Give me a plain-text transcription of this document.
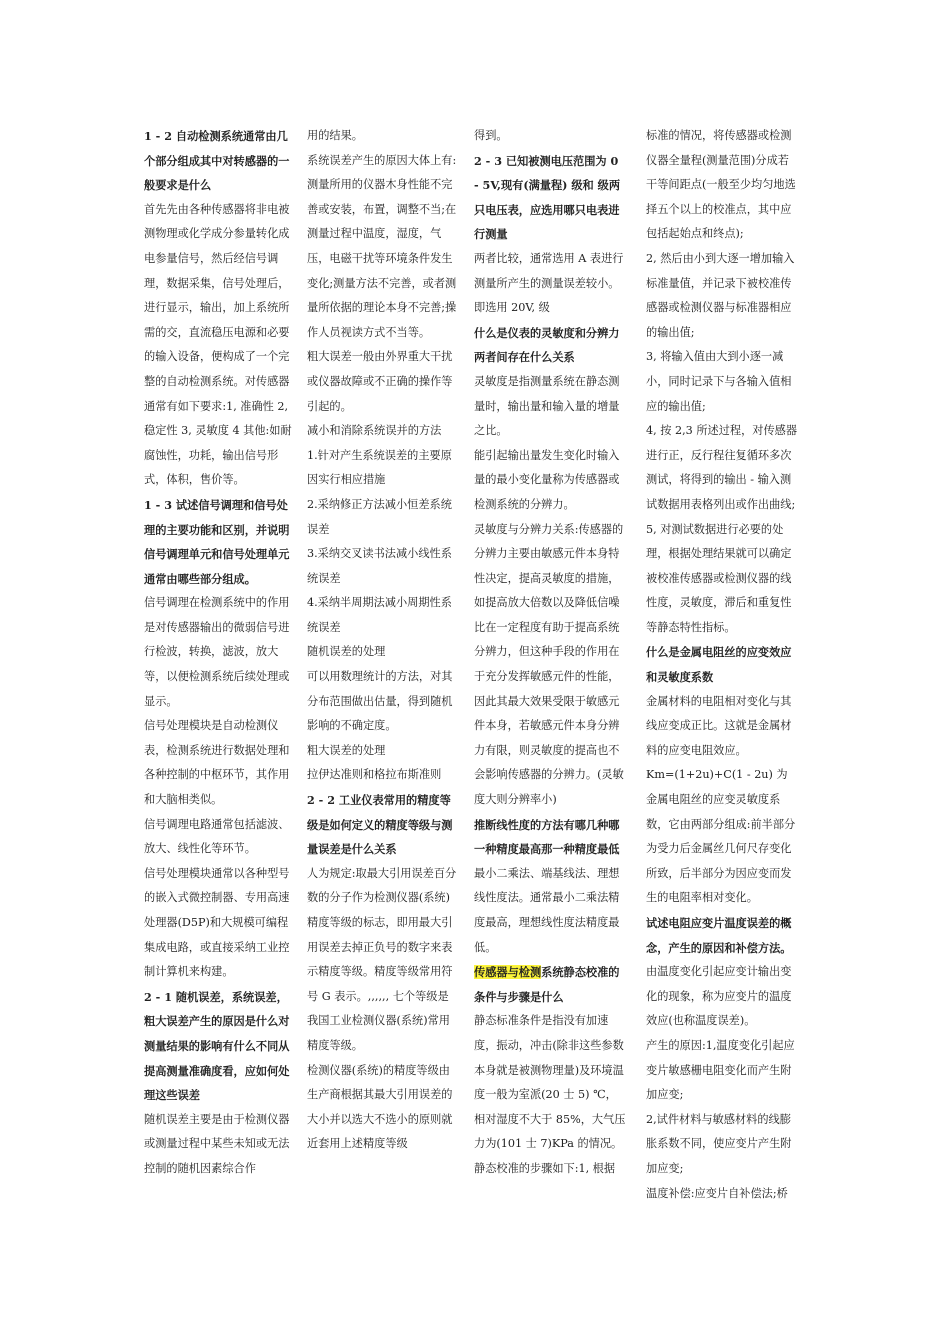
1 - 2 自动检测系统通常由几个部分组成其中对转感器的一般要求是什么

首先先由各种传感器将非电被测物理或化学成分参量转化成电参量信号，然后经信号调理，数据采集，信号处理后，进行显示，输出，加上系统所需的交，直流稳压电源和必要的输入设备，便构成了一个完整的自动检测系统。对传感器通常有如下要求:1, 准确性 2,稳定性 3, 灵敏度 4 其他:如耐腐蚀性，功耗，输出信号形式，体积，售价等。

1 - 3 试述信号调理和信号处理的主要功能和区别，并说明信号调理单元和信号处理单元通常由哪些部分组成。

信号调理在检测系统中的作用是对传感器输出的微弱信号进行检波，转换，滤波，放大等，以便检测系统后续处理或显示。

信号处理模块是自动检测仪表，检测系统进行数据处理和各种控制的中枢环节，其作用和大脑相类似。

信号调理电路通常包括滤波、放大、线性化等环节。

信号处理模块通常以各种型号的嵌入式微控制器、专用高速处理器(D5P)和大规模可编程集成电路，或直接采纳工业控制计算机来构建。

2 - 1 随机误差，系统误差，粗大误差产生的原因是什么对测量结果的影响有什么不同从提高测量准确度看，应如何处理这些误差

随机误差主要是由于检测仪器或测量过程中某些未知或无法控制的随机因素综合作

用的结果。

系统误差产生的原因大体上有:测量所用的仪器木身性能不完善或安装，布置，调整不当;在测量过程中温度，湿度，气压，电磁干扰等环境条件发生变化;测量方法不完善，或者测量所依据的理论本身不完善;操作人员视读方式不当等。

粗大误差一般由外界重大干扰或仪器故障或不正确的操作等引起的。

减小和消除系统误并的方法

1.针对产生系统误差的主要原因实行相应措施

2.采纳修正方法减小恒差系统误差

3.采纳交叉读书法减小线性系统误差

4.采纳半周期法减小周期性系统误差

随机误差的处理

可以用数理统计的方法，对其分布范围做出估量，得到随机影响的不确定度。

粗大误差的处理

拉伊达准则和格拉布斯准则

2 - 2 工业仪表常用的精度等级是如何定义的精度等级与测量误差是什么关系

人为规定:取最大引用误差百分数的分子作为检测仪器(系统)精度等级的标志，即用最大引用误差去掉正负号的数字来表示精度等级。精度等级常用符号 G 表示。,,,,,, 七个等级是我国工业检测仪器(系统)常用精度等级。

检测仪器(系统)的精度等级由生产商根据其最大引用误差的大小并以选大不选小的原则就近套用上述精度等级

得到。

2 - 3 已知被测电压范围为 0 - 5V,现有(满量程) 级和 级两只电压表，应选用哪只电表进行测量

两者比较，通常选用 A 表进行测量所产生的测量误差较小。即选用 20V, 级

什么是仪表的灵敏度和分辨力两者间存在什么关系

灵敏度是指测量系统在静态测量时，输出量和输入量的增量之比。

能引起输出量发生变化时输入量的最小变化量称为传感器或检测系统的分辨力。

灵敏度与分辨力关系:传感器的分辨力主要由敏感元件本身特性决定，提高灵敏度的措施，如提高放大倍数以及降低信噪比在一定程度有助于提高系统分辨力，但这种手段的作用在于充分发挥敏感元件的性能，因此其最大效果受限于敏感元件本身，若敏感元件本身分辨力有限，则灵敏度的提高也不会影响传感器的分辨力。(灵敏度大则分辨率小)

推断线性度的方法有哪几种哪一种精度最高那一种精度最低

最小二乘法、端基线法、理想线性度法。通常最小二乘法精度最高，理想线性度法精度最低。

传感器与检测系统静态校准的条件与步骤是什么

静态标准条件是指没有加速度，振动，冲击(除非这些参数本身就是被测物理量)及环境温度一般为室派(20 士 5) ℃，相对湿度不大于 85%，大气压力为(101 士 7)KPa 的情况。

静态校准的步骤如下:1, 根据

标准的情况，将传感器或检测仪器全量程(测量范围)分成若干等间距点(一般至少均匀地选择五个以上的校准点，其中应包括起始点和终点);

2, 然后由小到大逐一增加输入标准量值，并记录下被校准传感器或检测仪器与标准器相应的输出值;

3, 将输入值由大到小逐一减小，同时记录下与各输入值相应的输出值;

4, 按 2,3 所述过程，对传感器进行正，反行程往复循环多次测试，将得到的输出 - 输入测试数据用表格列出或作出曲线;

5, 对测试数据进行必要的处理，根据处理结果就可以确定被校准传感器或检测仪器的线性度，灵敏度，滞后和重复性等静态特性指标。

什么是金属电阻丝的应变效应和灵敏度系数

金属材料的电阻相对变化与其线应变成正比。这就是金属材料的应变电阻效应。

Km=(1+2u)+C(1 - 2u) 为金属电阻丝的应变灵敏度系数，它由两部分组成:前半部分为受力后金属丝几何尺存变化所致，后半部分为因应变而发生的电阻率相对变化。

试述电阻应变片温度误差的概念，产生的原因和补偿方法。

由温度变化引起应变计输出变化的现象，称为应变片的温度效应(也称温度误差)。

产生的原因:1,温度变化引起应变片敏感栅电阻变化而产生附加应变;

2,试件材料与敏感材料的线膨胀系数不同，使应变片产生附加应变;

温度补偿:应变片自补偿法;桥
